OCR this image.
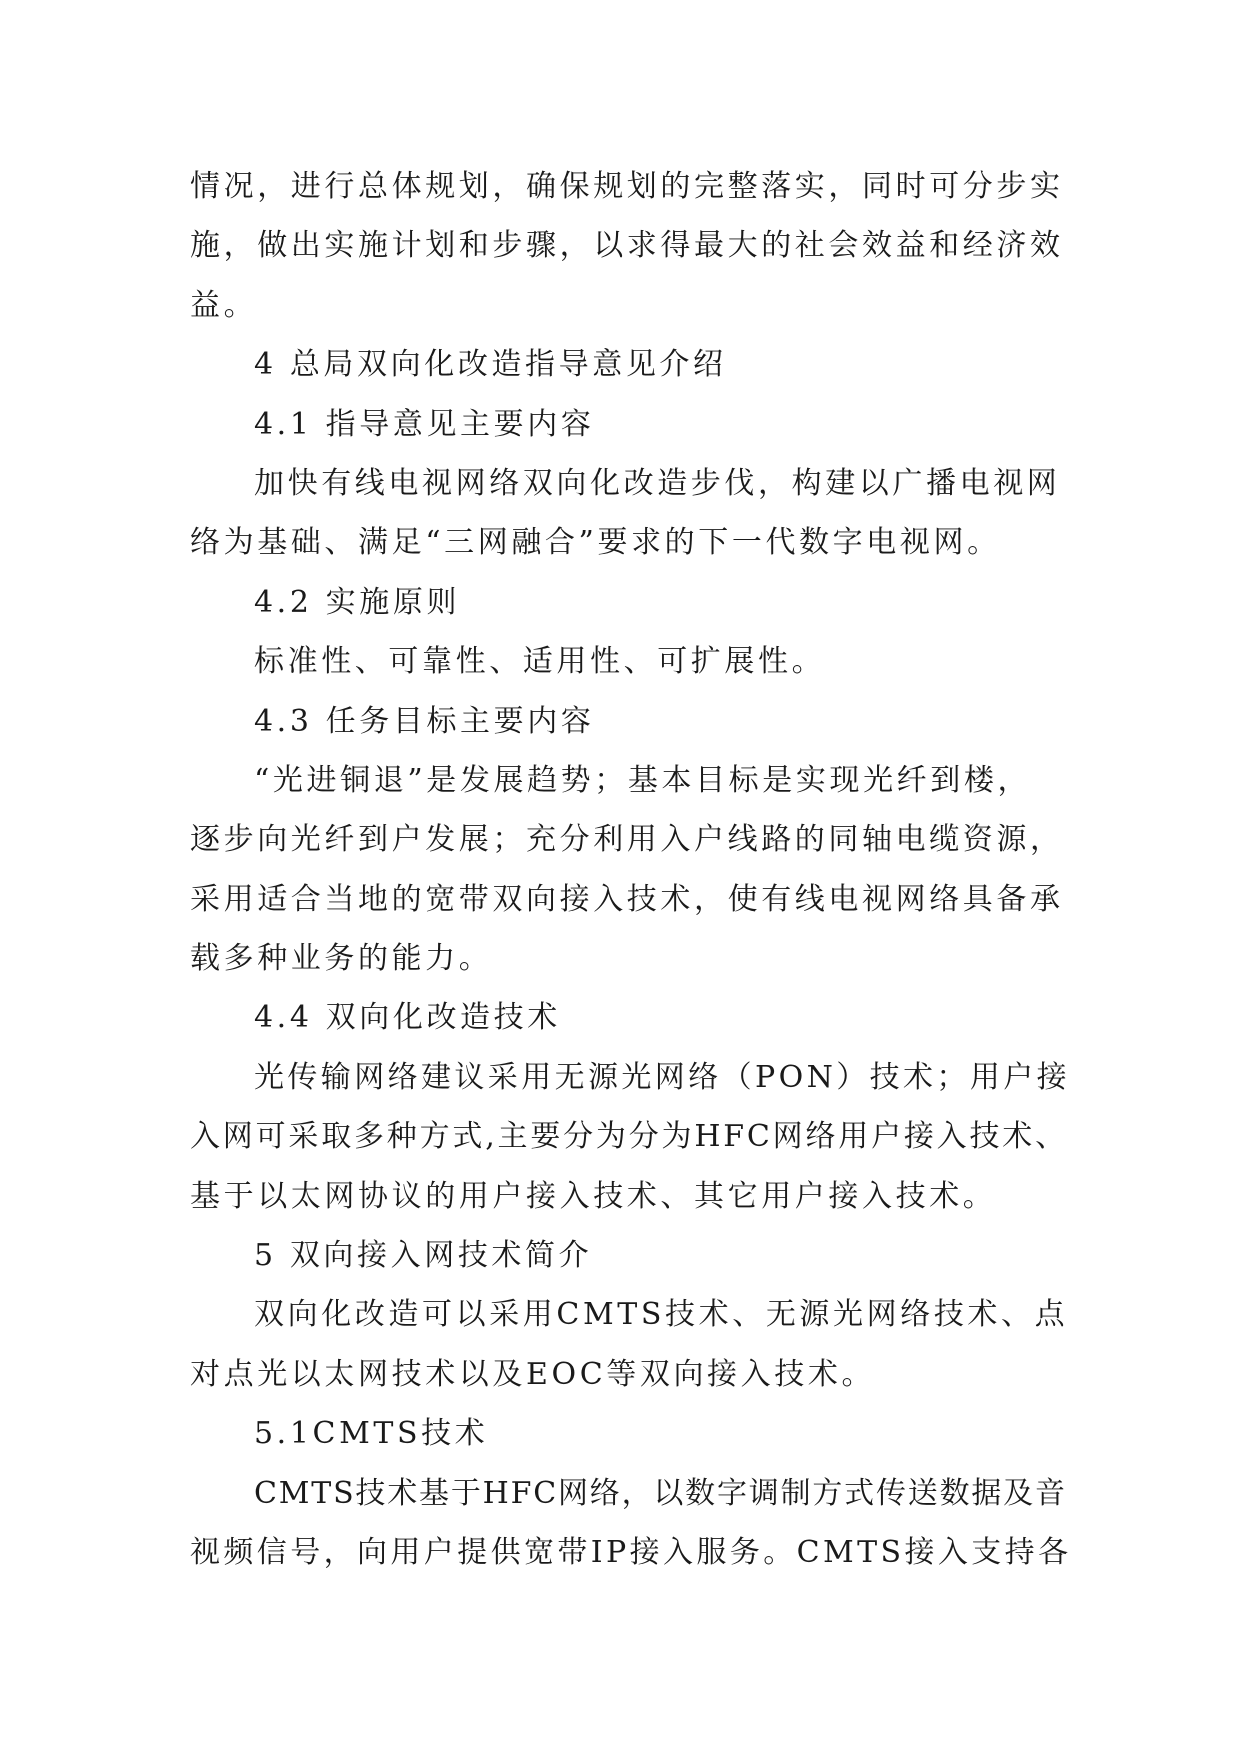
情况，进行总体规划，确保规划的完整落实，同时可分步实
施，做出实施计划和步骤，以求得最大的社会效益和经济效
益。
4 总局双向化改造指导意见介绍
4.1 指导意见主要内容
加快有线电视网络双向化改造步伐，构建以广播电视网
络为基础、满足“三网融合”要求的下一代数字电视网。
4.2 实施原则
标准性、可靠性、适用性、可扩展性。
4.3 任务目标主要内容
“光进铜退”是发展趋势；基本目标是实现光纤到楼，
逐步向光纤到户发展；充分利用入户线路的同轴电缆资源，
采用适合当地的宽带双向接入技术，使有线电视网络具备承
载多种业务的能力。
4.4 双向化改造技术
光传输网络建议采用无源光网络（PON）技术；用户接
入网可采取多种方式,主要分为分为HFC网络用户接入技术、
基于以太网协议的用户接入技术、其它用户接入技术。
5 双向接入网技术简介
双向化改造可以采用CMTS技术、无源光网络技术、点
对点光以太网技术以及EOC等双向接入技术。
5.1CMTS技术
CMTS技术基于HFC网络，以数字调制方式传送数据及音
视频信号，向用户提供宽带IP接入服务。CMTS接入支持各
